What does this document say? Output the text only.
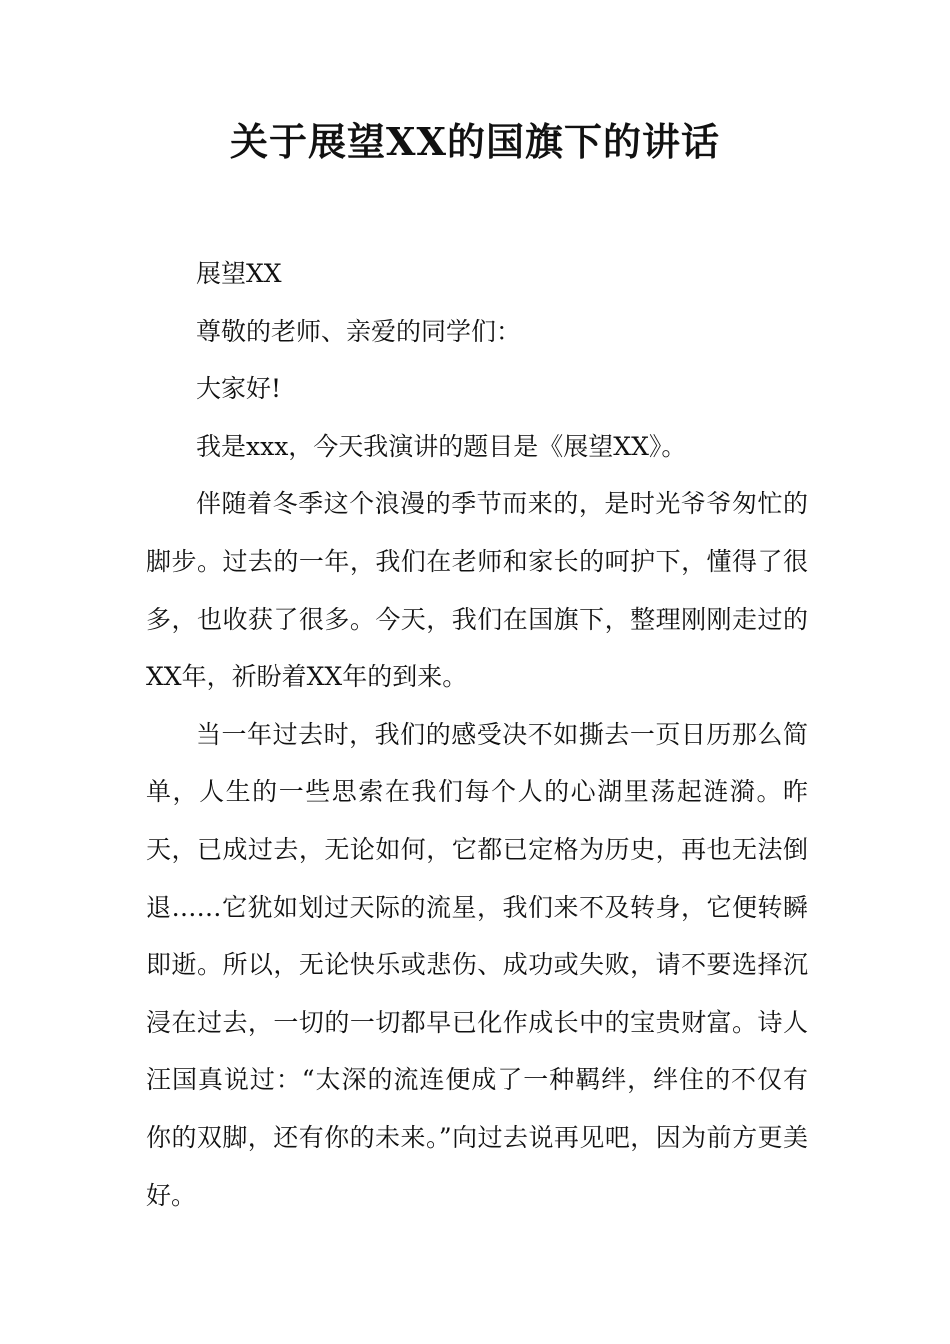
关于展望XX的国旗下的讲话

展望XX

尊敬的老师、亲爱的同学们：

大家好!

我是xxx，今天我演讲的题目是《展望XX》。

伴随着冬季这个浪漫的季节而来的，是时光爷爷匆忙的脚步。过去的一年，我们在老师和家长的呵护下，懂得了很多，也收获了很多。今天，我们在国旗下，整理刚刚走过的XX年，祈盼着XX年的到来。

当一年过去时，我们的感受决不如撕去一页日历那么简单，人生的一些思索在我们每个人的心湖里荡起涟漪。昨天，已成过去，无论如何，它都已定格为历史，再也无法倒退……它犹如划过天际的流星，我们来不及转身，它便转瞬即逝。所以，无论快乐或悲伤、成功或失败，请不要选择沉浸在过去，一切的一切都早已化作成长中的宝贵财富。诗人汪国真说过：“太深的流连便成了一种羁绊，绊住的不仅有你的双脚，还有你的未来。”向过去说再见吧，因为前方更美好。
